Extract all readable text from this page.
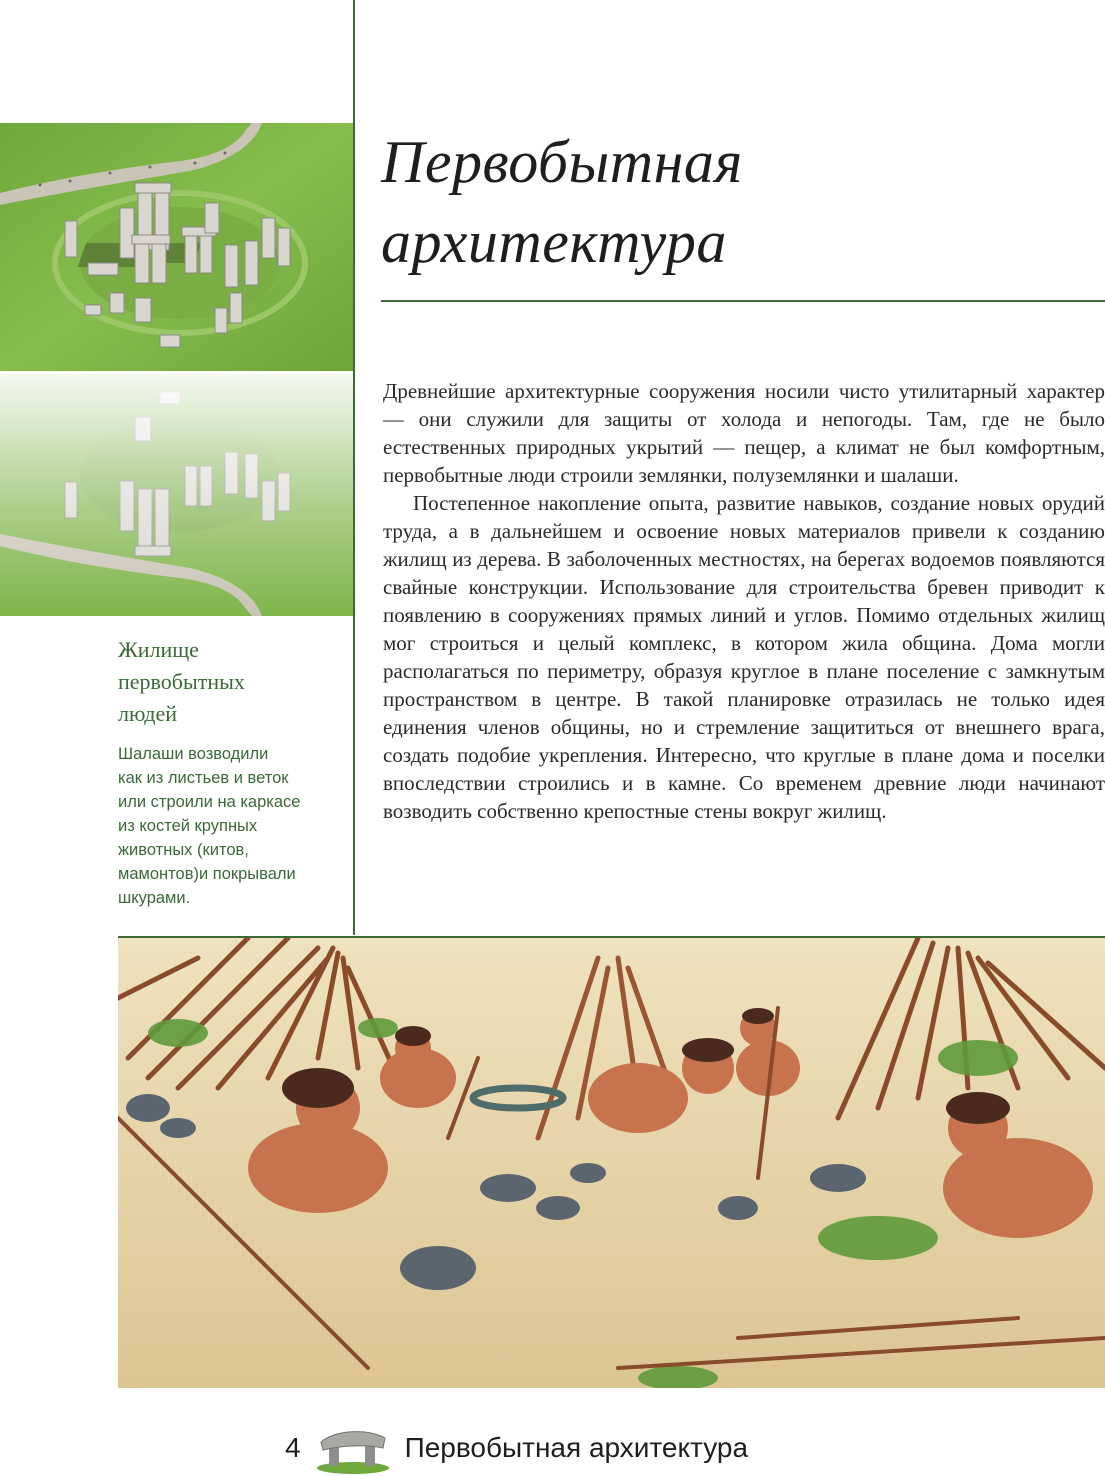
Первобытная
архитектура

Древнейшие архитектурные сооружения носили чисто утилитарный характер — они служили для защиты от холода и непогоды. Там, где не было естественных природных укрытий — пещер, а климат не был комфортным, первобытные люди строили землянки, полуземлянки и шалаши.

Постепенное накопление опыта, развитие навыков, создание новых орудий труда, а в дальнейшем и освоение новых материалов привели к созданию жилищ из дерева. В заболоченных местностях, на берегах водоемов появляются свайные конструкции. Использование для строительства бревен приводит к появлению в сооружениях прямых линий и углов. Помимо отдельных жилищ мог строиться и целый комплекс, в котором жила община. Дома могли располагаться по периметру, образуя круглое в плане поселение с замкнутым пространством в центре. В такой планировке отразилась не только идея единения членов общины, но и стремление защититься от внешнего врага, создать подобие укрепления. Интересно, что круглые в плане дома и поселки впоследствии строились и в камне. Со временем древние люди начинают возводить собственно крепостные стены вокруг жилищ.

Жилище
первобытных
людей

Шалаши возводили
как из листьев и веток
или строили на каркасе
из костей крупных
животных (китов,
мамонтов)и покрывали
шкурами.

4	Первобытная архитектура
